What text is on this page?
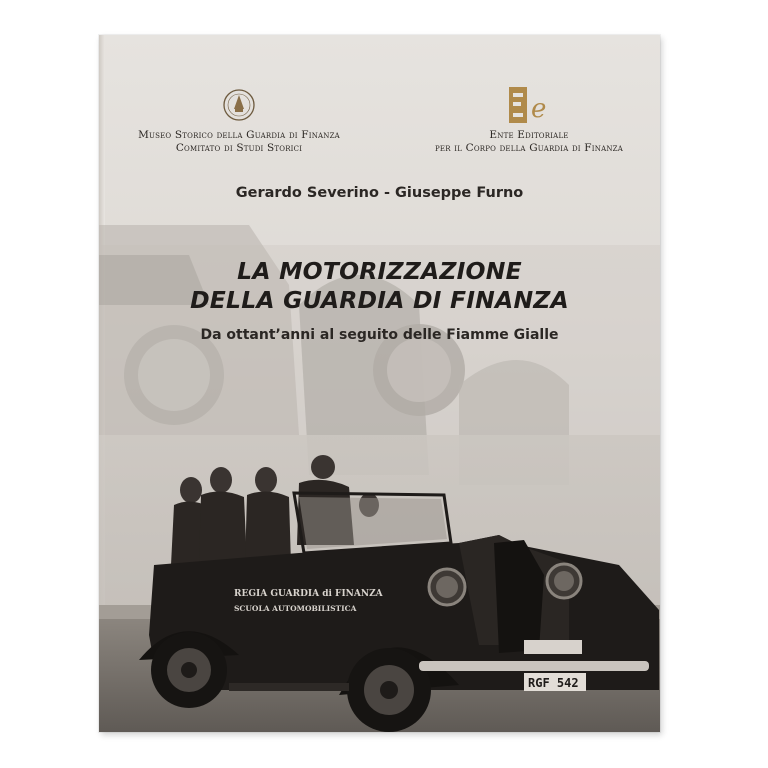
Museo Storico della Guardia di Finanza
Comitato di Studi Storici
e
Ente Editoriale
per il Corpo della Guardia di Finanza
Gerardo Severino - Giuseppe Furno
LA MOTORIZZAZIONE
DELLA GUARDIA DI FINANZA
Da ottant’anni al seguito delle Fiamme Gialle
REGIA GUARDIA di FINANZA
SCUOLA AUTOMOBILISTICA
RGF 542
